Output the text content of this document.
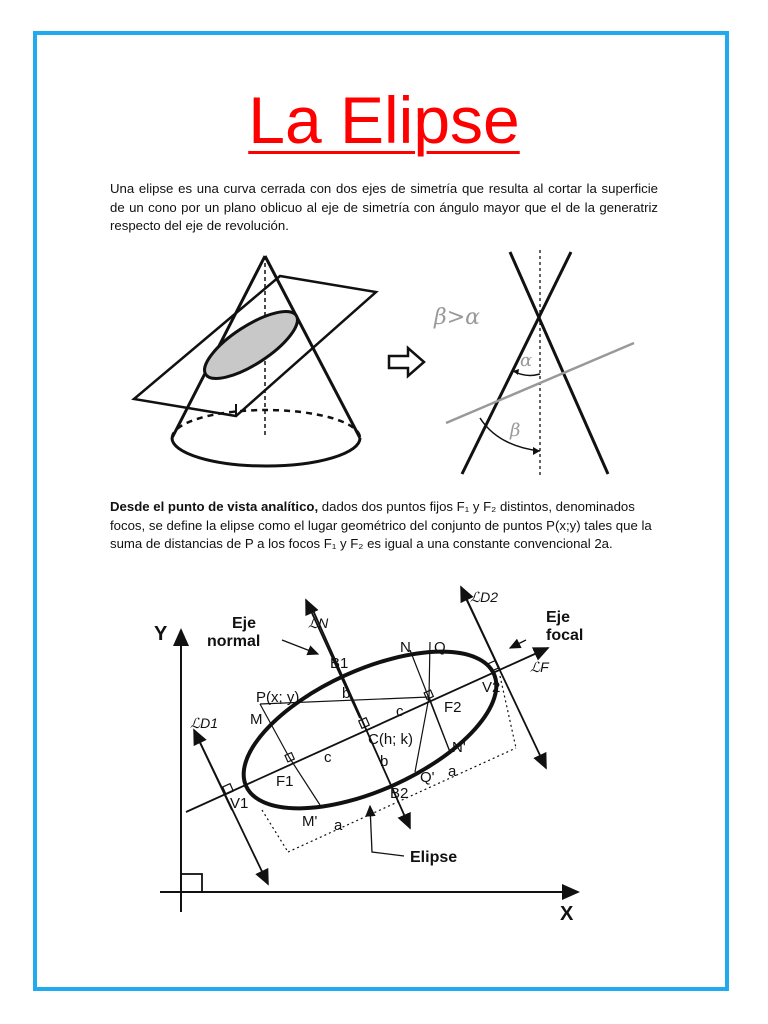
La Elipse
Una elipse es una curva cerrada con dos ejes de simetría que resulta al cortar la superficie de un cono por un plano oblicuo al eje de simetría con ángulo mayor que el de la generatriz respecto del eje de revolución.
β>α
α
β
Desde el punto de vista analítico, dados dos puntos fijos F₁ y F₂ distintos, denominados focos, se define la elipse como el lugar geométrico del conjunto de puntos P(x;y) tales que la suma de distancias de P a los focos F₁ y F₂ es igual a una constante convencional 2a.
Y
X
Eje
normal
Eje
focal
Elipse
ℒN
ℒF
ℒD1
ℒD2
B1
B2
N Q
P(x; y)
M
F1
F2
C(h; k)
V1
V2
M'
Q'
N'
b
b
c
c
a
a
